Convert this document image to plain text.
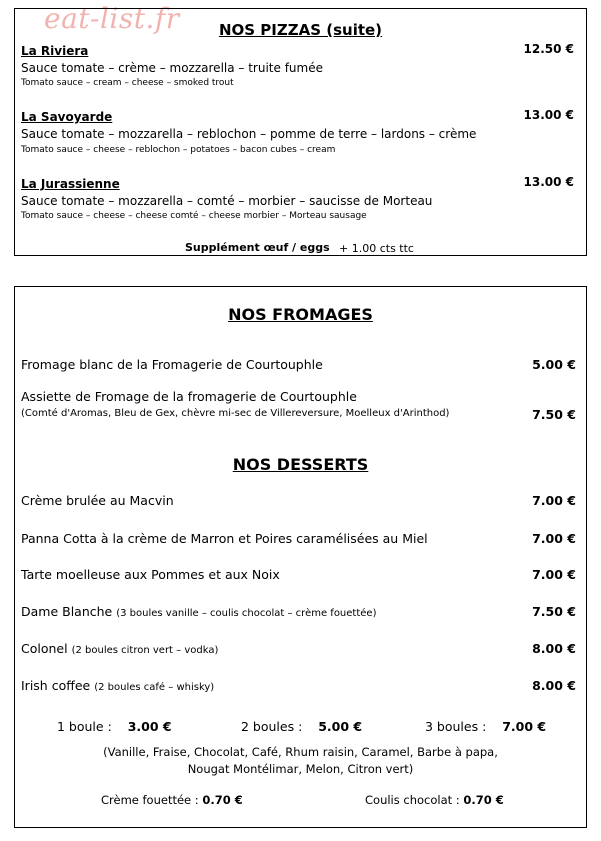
eat-list.fr	NOS PIZZAS (suite)
La Riviera	12.50 €
Sauce tomate – crème – mozzarella – truite fumée
Tomato sauce – cream – cheese – smoked trout
La Savoyarde	13.00 €
Sauce tomate – mozzarella – reblochon – pomme de terre – lardons – crème
Tomato sauce – cheese – reblochon – potatoes – bacon cubes – cream
La Jurassienne	13.00 €
Sauce tomate – mozzarella – comté – morbier – saucisse de Morteau
Tomato sauce – cheese – cheese comté – cheese morbier – Morteau sausage
Supplément œuf / eggs + 1.00 cts ttc
NOS FROMAGES
Fromage blanc de la Fromagerie de Courtouphle	5.00 €
Assiette de Fromage de la fromagerie de Courtouphle
(Comté d'Aromas, Bleu de Gex, chèvre mi-sec de Villereversure, Moelleux d'Arinthod)	7.50 €
NOS DESSERTS
Crème brulée au Macvin	7.00 €
Panna Cotta à la crème de Marron et Poires caramélisées au Miel	7.00 €
Tarte moelleuse aux Pommes et aux Noix	7.00 €
Dame Blanche (3 boules vanille – coulis chocolat – crème fouettée)	7.50 €
Colonel (2 boules citron vert – vodka)	8.00 €
Irish coffee (2 boules café – whisky)	8.00 €
1 boule : 3.00 €	2 boules : 5.00 €	3 boules : 7.00 €
(Vanille, Fraise, Chocolat, Café, Rhum raisin, Caramel, Barbe à papa,
Nougat Montélimar, Melon, Citron vert)
Crème fouettée : 0.70 €	Coulis chocolat : 0.70 €
